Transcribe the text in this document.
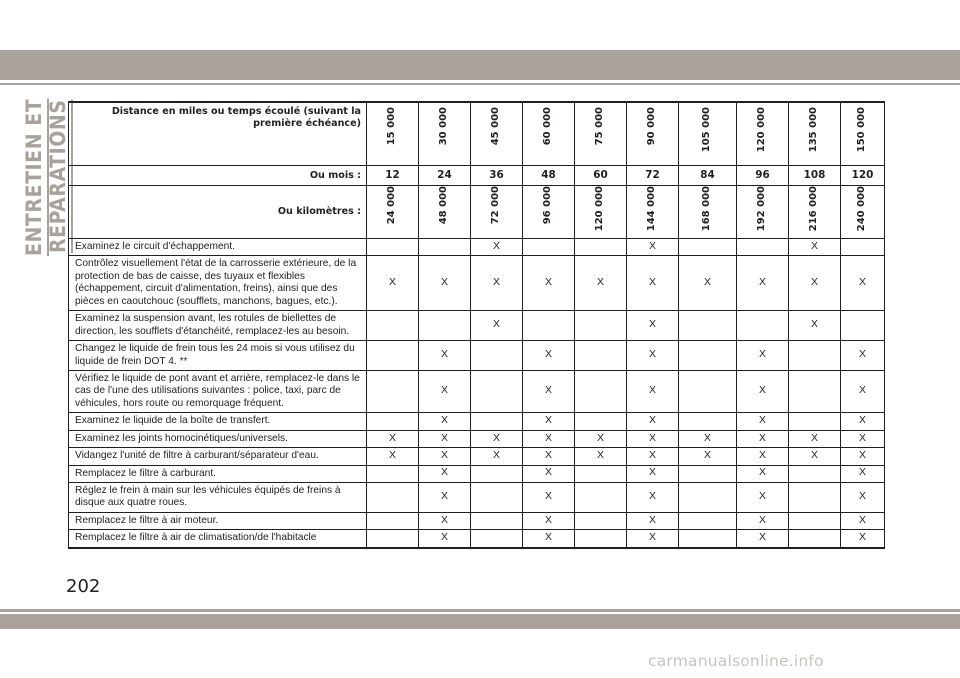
ENTRETIEN ET REPARATIONS	Distance en miles ou temps écoulé (suivant la première échéance)	15 000	30 000	45 000	60 000	75 000	90 000	105 000	120 000	135 000	150 000

Ou mois :	12	24	36	48	60	72	84	96	108	120
Ou kilomètres :	24 000	48 000	72 000	96 000	120 000	144 000	168 000	192 000	216 000	240 000

Examinez le circuit d'échappement.			X			X			X	
Contrôlez visuellement l'état de la carrosserie extérieure, de la protection de bas de caisse, des tuyaux et flexibles (échappement, circuit d'alimentation, freins), ainsi que des pièces en caoutchouc (soufflets, manchons, bagues, etc.).	X	X	X	X	X	X	X	X	X	X
Examinez la suspension avant, les rotules de biellettes de direction, les soufflets d'étanchéité, remplacez-les au besoin.			X			X			X	
Changez le liquide de frein tous les 24 mois si vous utilisez du liquide de frein DOT 4. **		X		X		X		X		X
Vérifiez le liquide de pont avant et arrière, remplacez-le dans le cas de l'une des utilisations suivantes : police, taxi, parc de véhicules, hors route ou remorquage fréquent.		X		X		X		X		X
Examinez le liquide de la boîte de transfert.		X		X		X		X		X
Examinez les joints homocinétiques/universels.	X	X	X	X	X	X	X	X	X	X
Vidangez l'unité de filtre à carburant/séparateur d'eau.	X	X	X	X	X	X	X	X	X	X
Remplacez le filtre à carburant.		X		X		X		X		X
Réglez le frein à main sur les véhicules équipés de freins à disque aux quatre roues.		X		X		X		X		X
Remplacez le filtre à air moteur.		X		X		X		X		X
Remplacez le filtre à air de climatisation/de l'habitacle		X		X		X		X		X
202
carmanualsonline.info
